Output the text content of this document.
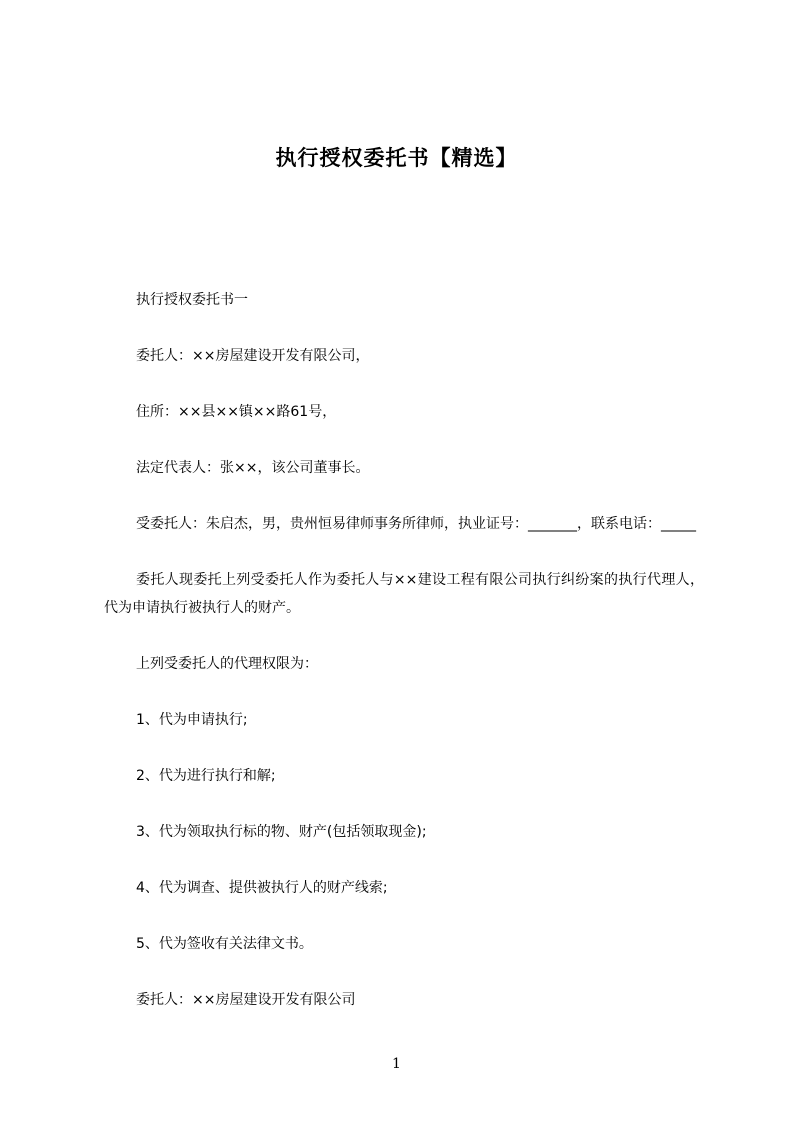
执行授权委托书【精选】

执行授权委托书一

委托人：××房屋建设开发有限公司，

住所：××县××镇××路61号，

法定代表人：张××，该公司董事长。

受委托人：朱启杰，男，贵州恒易律师事务所律师，执业证号：_______，联系电话：_____

委托人现委托上列受委托人作为委托人与××建设工程有限公司执行纠纷案的执行代理人，代为申请执行被执行人的财产。

上列受委托人的代理权限为：

1、代为申请执行;

2、代为进行执行和解;

3、代为领取执行标的物、财产(包括领取现金);

4、代为调查、提供被执行人的财产线索;

5、代为签收有关法律文书。

委托人：××房屋建设开发有限公司

1
